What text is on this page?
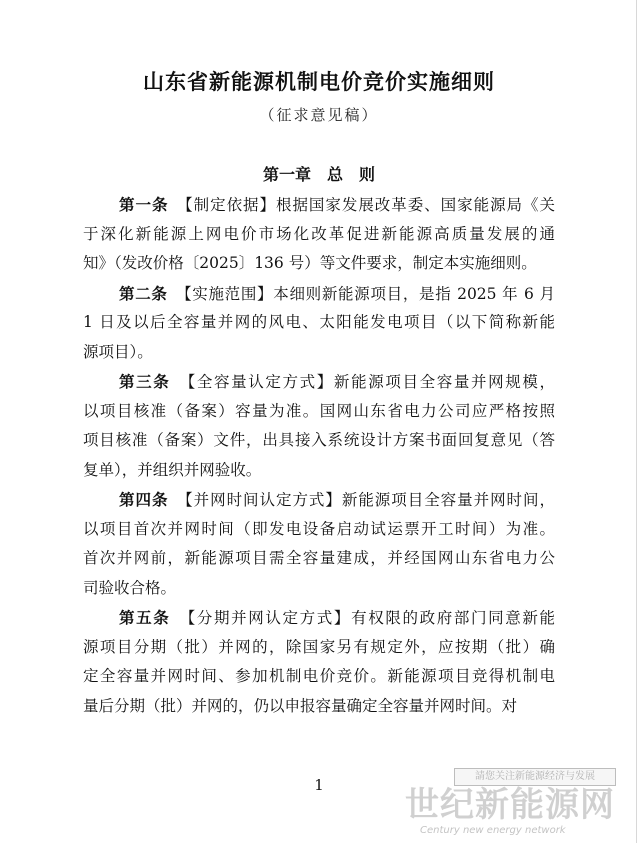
山东省新能源机制电价竞价实施细则
（征求意见稿）
第一章　总　则
第一条　 【制定依据】根据国家发展改革委、国家能源局《关
于深化新能源上网电价市场化改革促进新能源高质量发展的通
知》（发改价格〔2025〕136 号）等文件要求，制定本实施细则。
第二条　 【实施范围】本细则新能源项目，是指 2025 年 6 月
1 日及以后全容量并网的风电、太阳能发电项目（以下简称新能
源项目）。
第三条　 【全容量认定方式】新能源项目全容量并网规模，
以项目核准（备案）容量为准。国网山东省电力公司应严格按照
项目核准（备案）文件，出具接入系统设计方案书面回复意见（答
复单），并组织并网验收。
第四条　 【并网时间认定方式】新能源项目全容量并网时间，
以项目首次并网时间（即发电设备启动试运票开工时间）为准。
首次并网前，新能源项目需全容量建成，并经国网山东省电力公
司验收合格。
第五条　 【分期并网认定方式】有权限的政府部门同意新能
源项目分期（批）并网的，除国家另有规定外，应按期（批）确
定全容量并网时间、参加机制电价竞价。新能源项目竞得机制电
量后分期（批）并网的，仍以申报容量确定全容量并网时间。对
1	請您关注新能源经济与发展
世纪新能源网
Century new energy network
